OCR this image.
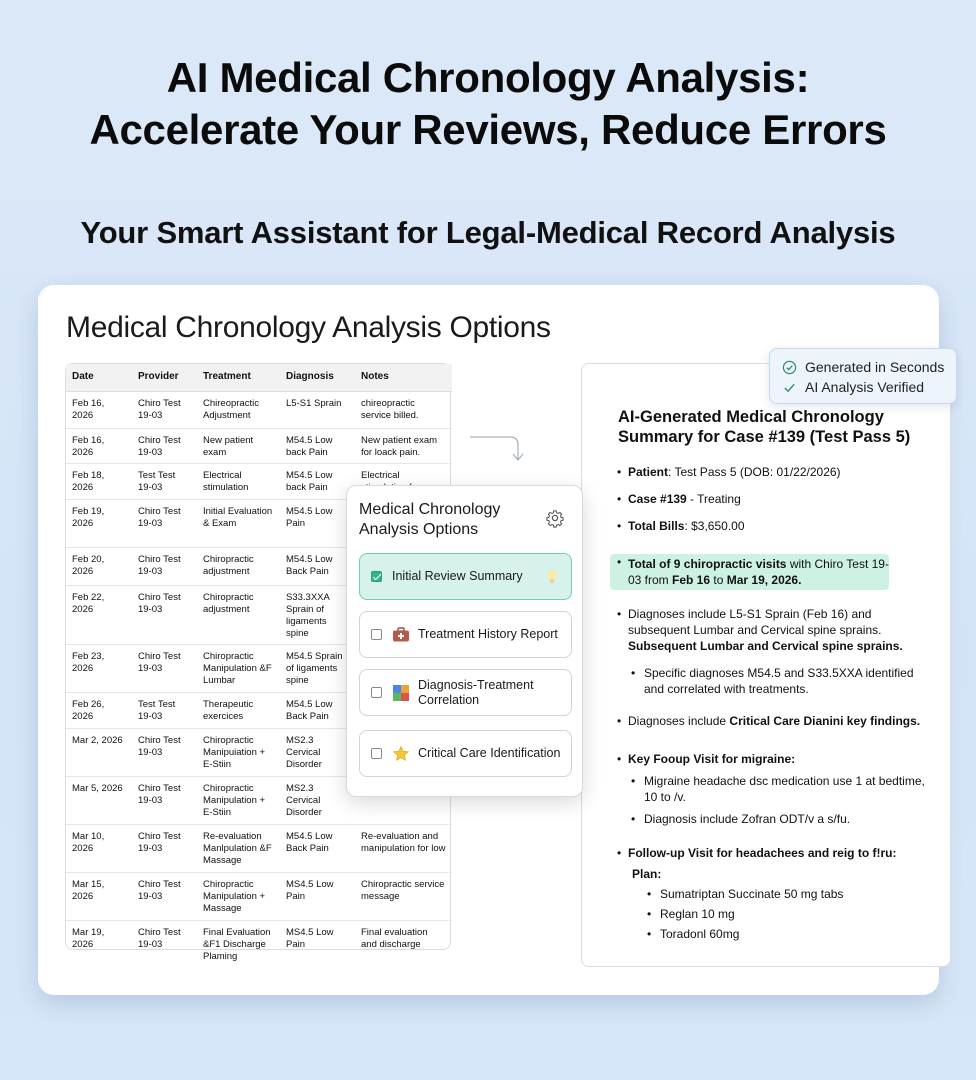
AI Medical Chronology Analysis:
Accelerate Your Reviews, Reduce Errors
Your Smart Assistant for Legal-Medical Record Analysis
Medical Chronology Analysis Options
Date	Provider	Treatment	Diagnosis	Notes
Feb 16, 2026	Chiro Test 19-03	Chireopractic Adjustment	L5-S1 Sprain	chireopractic service billed.
Feb 16, 2026	Chiro Test 19-03	New patient exam	M54.5 Low back Pain	New patient exam for loack pain.
Feb 18, 2026	Test Test 19-03	Electrical stimulation	M54.5 Low back Pain	Electrical
Feb 19, 2026	Chiro Test 19-03	Initial Evaluation & Exam	M54.5 Low Pain	
Feb 20, 2026	Chiro Test 19-03	Chiropractic adjustment	M54.5 Low Back Pain	
Feb 22, 2026	Chiro Test 19-03	Chiropractic adjustment	S33.3XXA Sprain of ligaments spine	
Feb 23, 2026	Chiro Test 19-03	Chiropractic Manipulation &F Lumbar	M54.5 Sprain of ligaments spine	
Feb 26, 2026	Test Test 19-03	Therapeutic exercices	M54.5 Low Back Pain	
Mar 2, 2026	Chiro Test 19-03	Chiropractic Manipuiation + E-Stiin	MS2.3 Cervical Disorder	
Mar 5, 2026	Chiro Test 19-03	Chiropractic Manipulation + E-Stiin	MS2.3 Cervical Disorder	
Mar 10, 2026	Chiro Test 19-03	Re-evaluation Manlpulation &F Massage	M54.5 Low Back Pain	Re-evaluation and manipulation for low
Mar 15, 2026	Chiro Test 19-03	Chiropractic Manipulation + Massage	MS4.5 Low Pain	Chiropractic service message
Mar 19, 2026	Chiro Test 19-03	Final Evaluation &F1 Discharge Plaming	MS4.5 Low Pain	Final evaluation and discharge
AI-Generated Medical Chronology Summary for Case #139 (Test Pass 5)
• Patient: Test Pass 5 (DOB: 01/22/2026)
• Case #139 - Treating
• Total Bills: $3,650.00
• Total of 9 chiropractic visits with Chiro Test 19-03 from Feb 16 to Mar 19, 2026.
• Diagnoses include L5-S1 Sprain (Feb 16) and subsequent Lumbar and Cervical spine sprains. Subsequent Lumbar and Cervical spine sprains.
• Specific diagnoses M54.5 and S33.5XXA identified and correlated with treatments.
• Diagnoses include Critical Care Dianini key findings.
• Key Fooup Visit for migraine:
• Migraine headache dsc medication use 1 at bedtime, 10 to /v.
• Diagnosis include Zofran ODT/v a s/fu.
• Follow-up Visit for headachees and reig to f!ru:
Plan:
• Sumatriptan Succinate 50 mg tabs
• Reglan 10 mg
• Toradonl 60mg
Generated in Seconds
AI Analysis Verified
Medical Chronology Analysis Options
Initial Review Summary
Treatment History Report
Diagnosis-Treatment Correlation
Critical Care Identification
